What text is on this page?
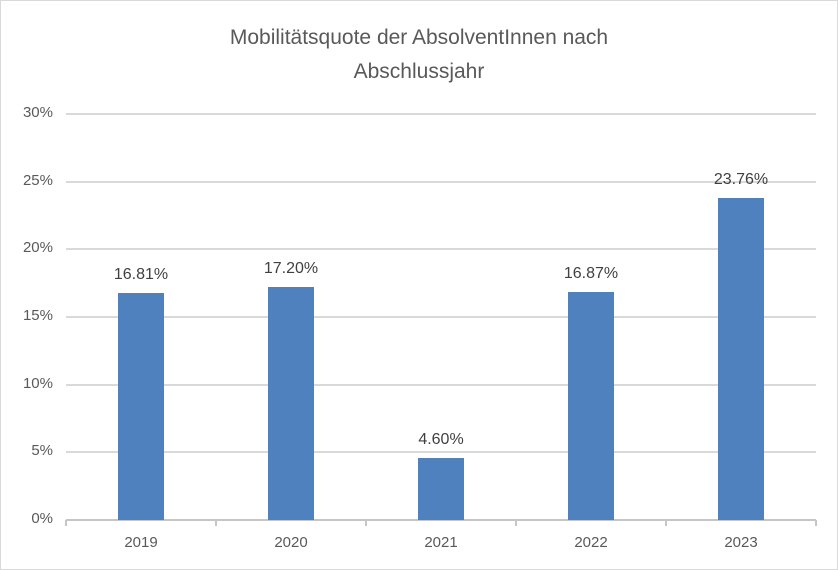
Mobilitätsquote der AbsolventInnen nach
Abschlussjahr
0%
5%
10%
15%
20%
25%
30%
16.81%
2019
17.20%
2020
4.60%
2021
16.87%
2022
23.76%
2023
